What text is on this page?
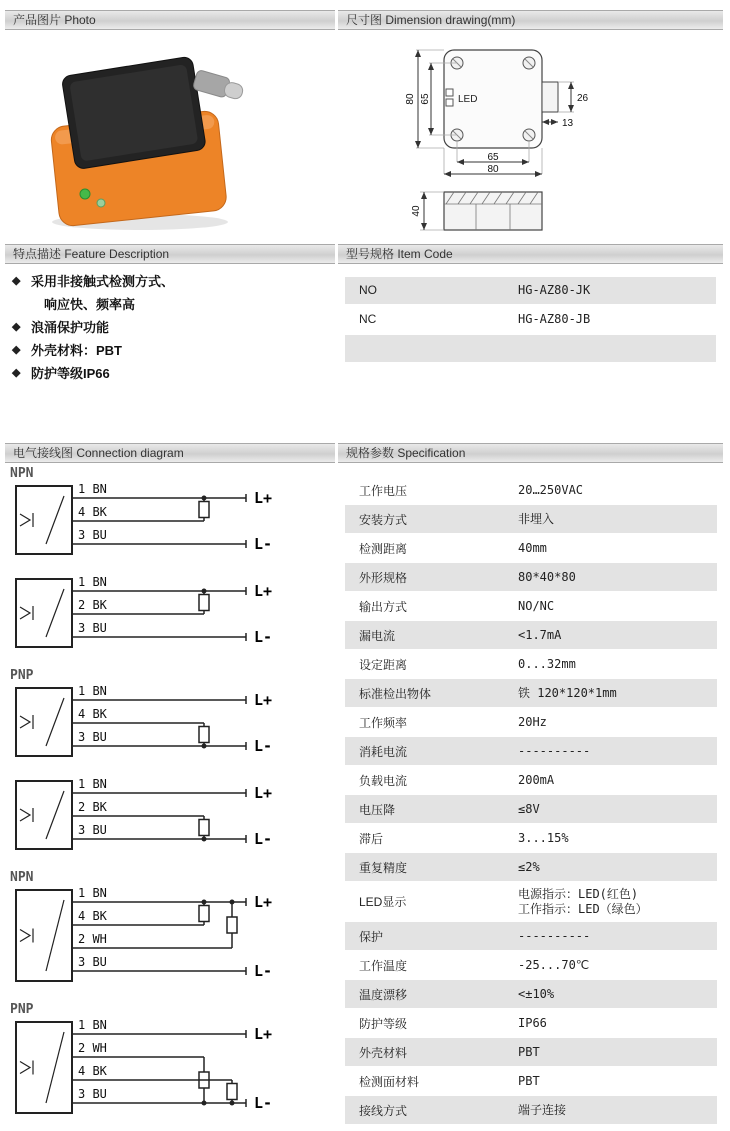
产品图片 Photo	尺寸图 Dimension drawing(mm)
LED
80 65	26
13
65
80
40
特点描述 Feature Description	型号规格 Item Code
◆ 采用非接触式检测方式、
响应快、频率高
◆ 浪涌保护功能
◆ 外壳材料：PBT
◆ 防护等级IP66
NO	HG-AZ80-JK
NC	HG-AZ80-JB
电气接线图 Connection diagram	规格参数 Specification
NPN
1 BN
4 BK
3 BU
L+
L-
1 BN
2 BK
3 BU
L+
L-
PNP
1 BN
4 BK
3 BU
L+
L-
1 BN
2 BK
3 BU
L+
L-
NPN
1 BN
4 BK
2 WH
3 BU
L+
L-
PNP
1 BN
2 WH
4 BK
3 BU
L+
L-
工作电压	20…250VAC
安装方式	非埋入
检测距离	40mm
外形规格	80*40*80
输出方式	NO/NC
漏电流	<1.7mA
设定距离	0...32mm
标准检出物体	铁 120*120*1mm
工作频率	20Hz
消耗电流	----------
负载电流	200mA
电压降	≤8V
滞后	3...15%
重复精度	≤2%
LED显示
电源指示：LED(红色)
工作指示：LED（绿色）
保护	----------
工作温度	-25...70℃
温度漂移	<±10%
防护等级	IP66
外壳材料	PBT
检测面材料	PBT
接线方式	端子连接
